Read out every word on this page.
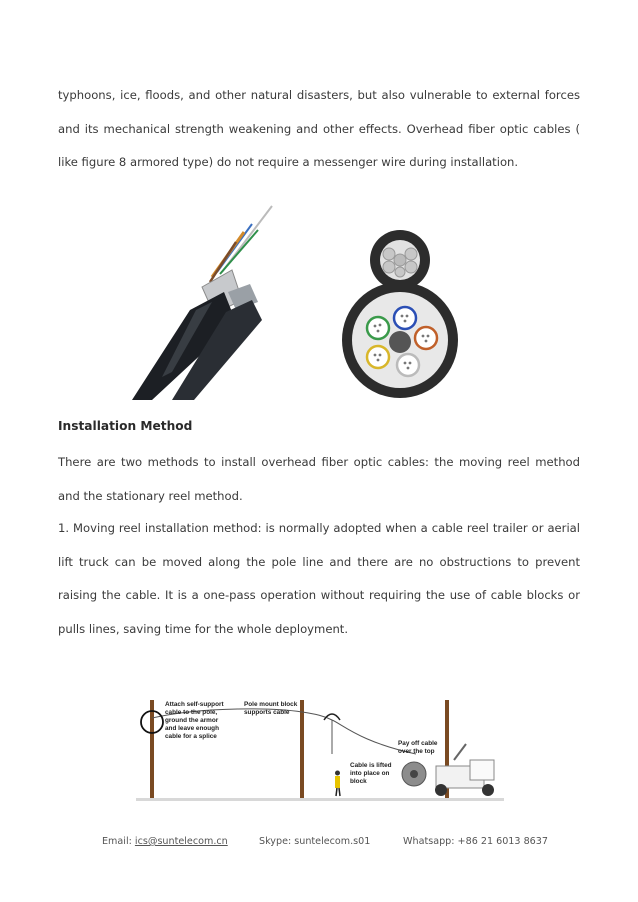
typhoons, ice, floods, and other natural disasters, but also vulnerable to external forces and its mechanical strength weakening and other effects. Overhead fiber optic cables ( like figure 8 armored type) do not require a messenger wire during installation.

Installation Method

There are two methods to install overhead fiber optic cables: the moving reel method and the stationary reel method.

1. Moving reel installation method: is normally adopted when a cable reel trailer or aerial lift truck can be moved along the pole line and there are no obstructions to prevent raising the cable. It is a one-pass operation without requiring the use of cable blocks or pulls lines, saving time for the whole deployment.

Attach self-support cable to the pole, ground the armor and leave enough cable for a splice
Pole mount block supports cable
Pay off cable over the top
Cable is lifted into place on block
Email: ics@suntelecom.cn	Skype: suntelecom.s01	Whatsapp: +86 21 6013 8637
